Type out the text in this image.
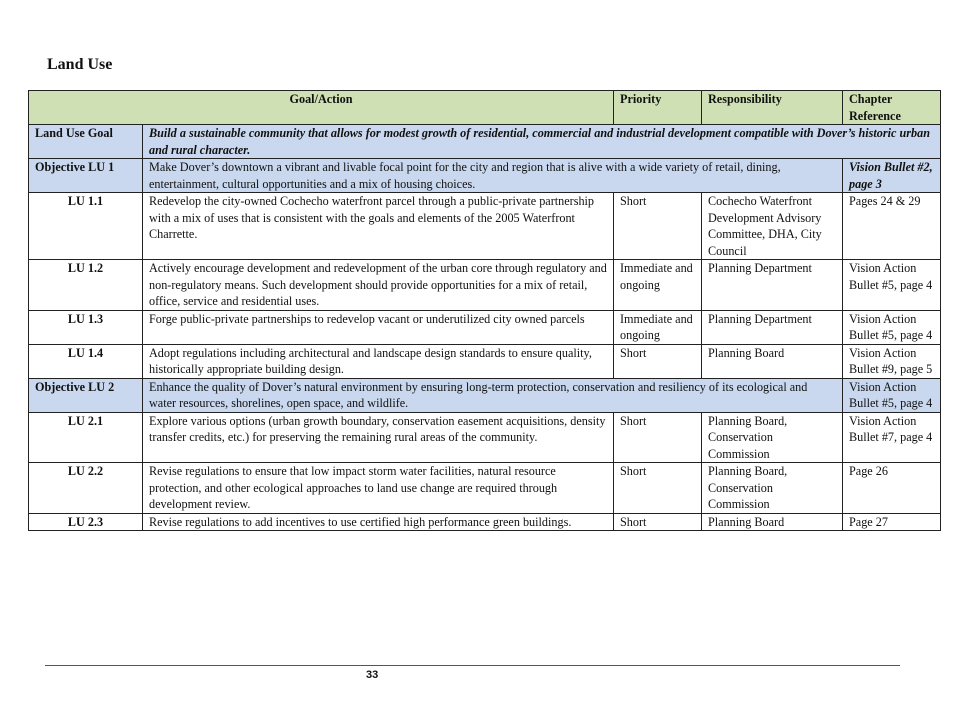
Land Use
Goal/Action		Priority	Responsibility	Chapter Reference
Land Use Goal	Build a sustainable community that allows for modest growth of residential, commercial and industrial development compatible with Dover’s historic urban and rural character.			
Objective LU 1	Make Dover’s downtown a vibrant and livable focal point for the city and region that is alive with a wide variety of retail, dining, entertainment, cultural opportunities and a mix of housing choices.			Vision Bullet #2, page 3
LU 1.1	Redevelop the city-owned Cochecho waterfront parcel through a public-private partnership with a mix of uses that is consistent with the goals and elements of the 2005 Waterfront Charrette.	Short	Cochecho Waterfront Development Advisory Committee, DHA, City Council	Pages 24 & 29
LU 1.2	Actively encourage development and redevelopment of the urban core through regulatory and non-regulatory means. Such development should provide opportunities for a mix of retail, office, service and residential uses.	Immediate and ongoing	Planning Department	Vision Action Bullet #5, page 4
LU 1.3	Forge public-private partnerships to redevelop vacant or underutilized city owned parcels	Immediate and ongoing	Planning Department	Vision Action Bullet #5, page 4
LU 1.4	Adopt regulations including architectural and landscape design standards to ensure quality, historically appropriate building design.	Short	Planning Board	Vision Action Bullet #9, page 5
Objective LU 2	Enhance the quality of Dover’s natural environment by ensuring long-term protection, conservation and resiliency of its ecological and water resources, shorelines, open space, and wildlife.			Vision Action Bullet #5, page 4
LU 2.1	Explore various options (urban growth boundary, conservation easement acquisitions, density transfer credits, etc.) for preserving the remaining rural areas of the community.	Short	Planning Board, Conservation Commission	Vision Action Bullet #7, page 4
LU 2.2	Revise regulations to ensure that low impact storm water facilities, natural resource protection, and other ecological approaches to land use change are required through development review.	Short	Planning Board, Conservation Commission	Page 26
LU 2.3	Revise regulations to add incentives to use certified high performance green buildings.	Short	Planning Board	Page 27
33
